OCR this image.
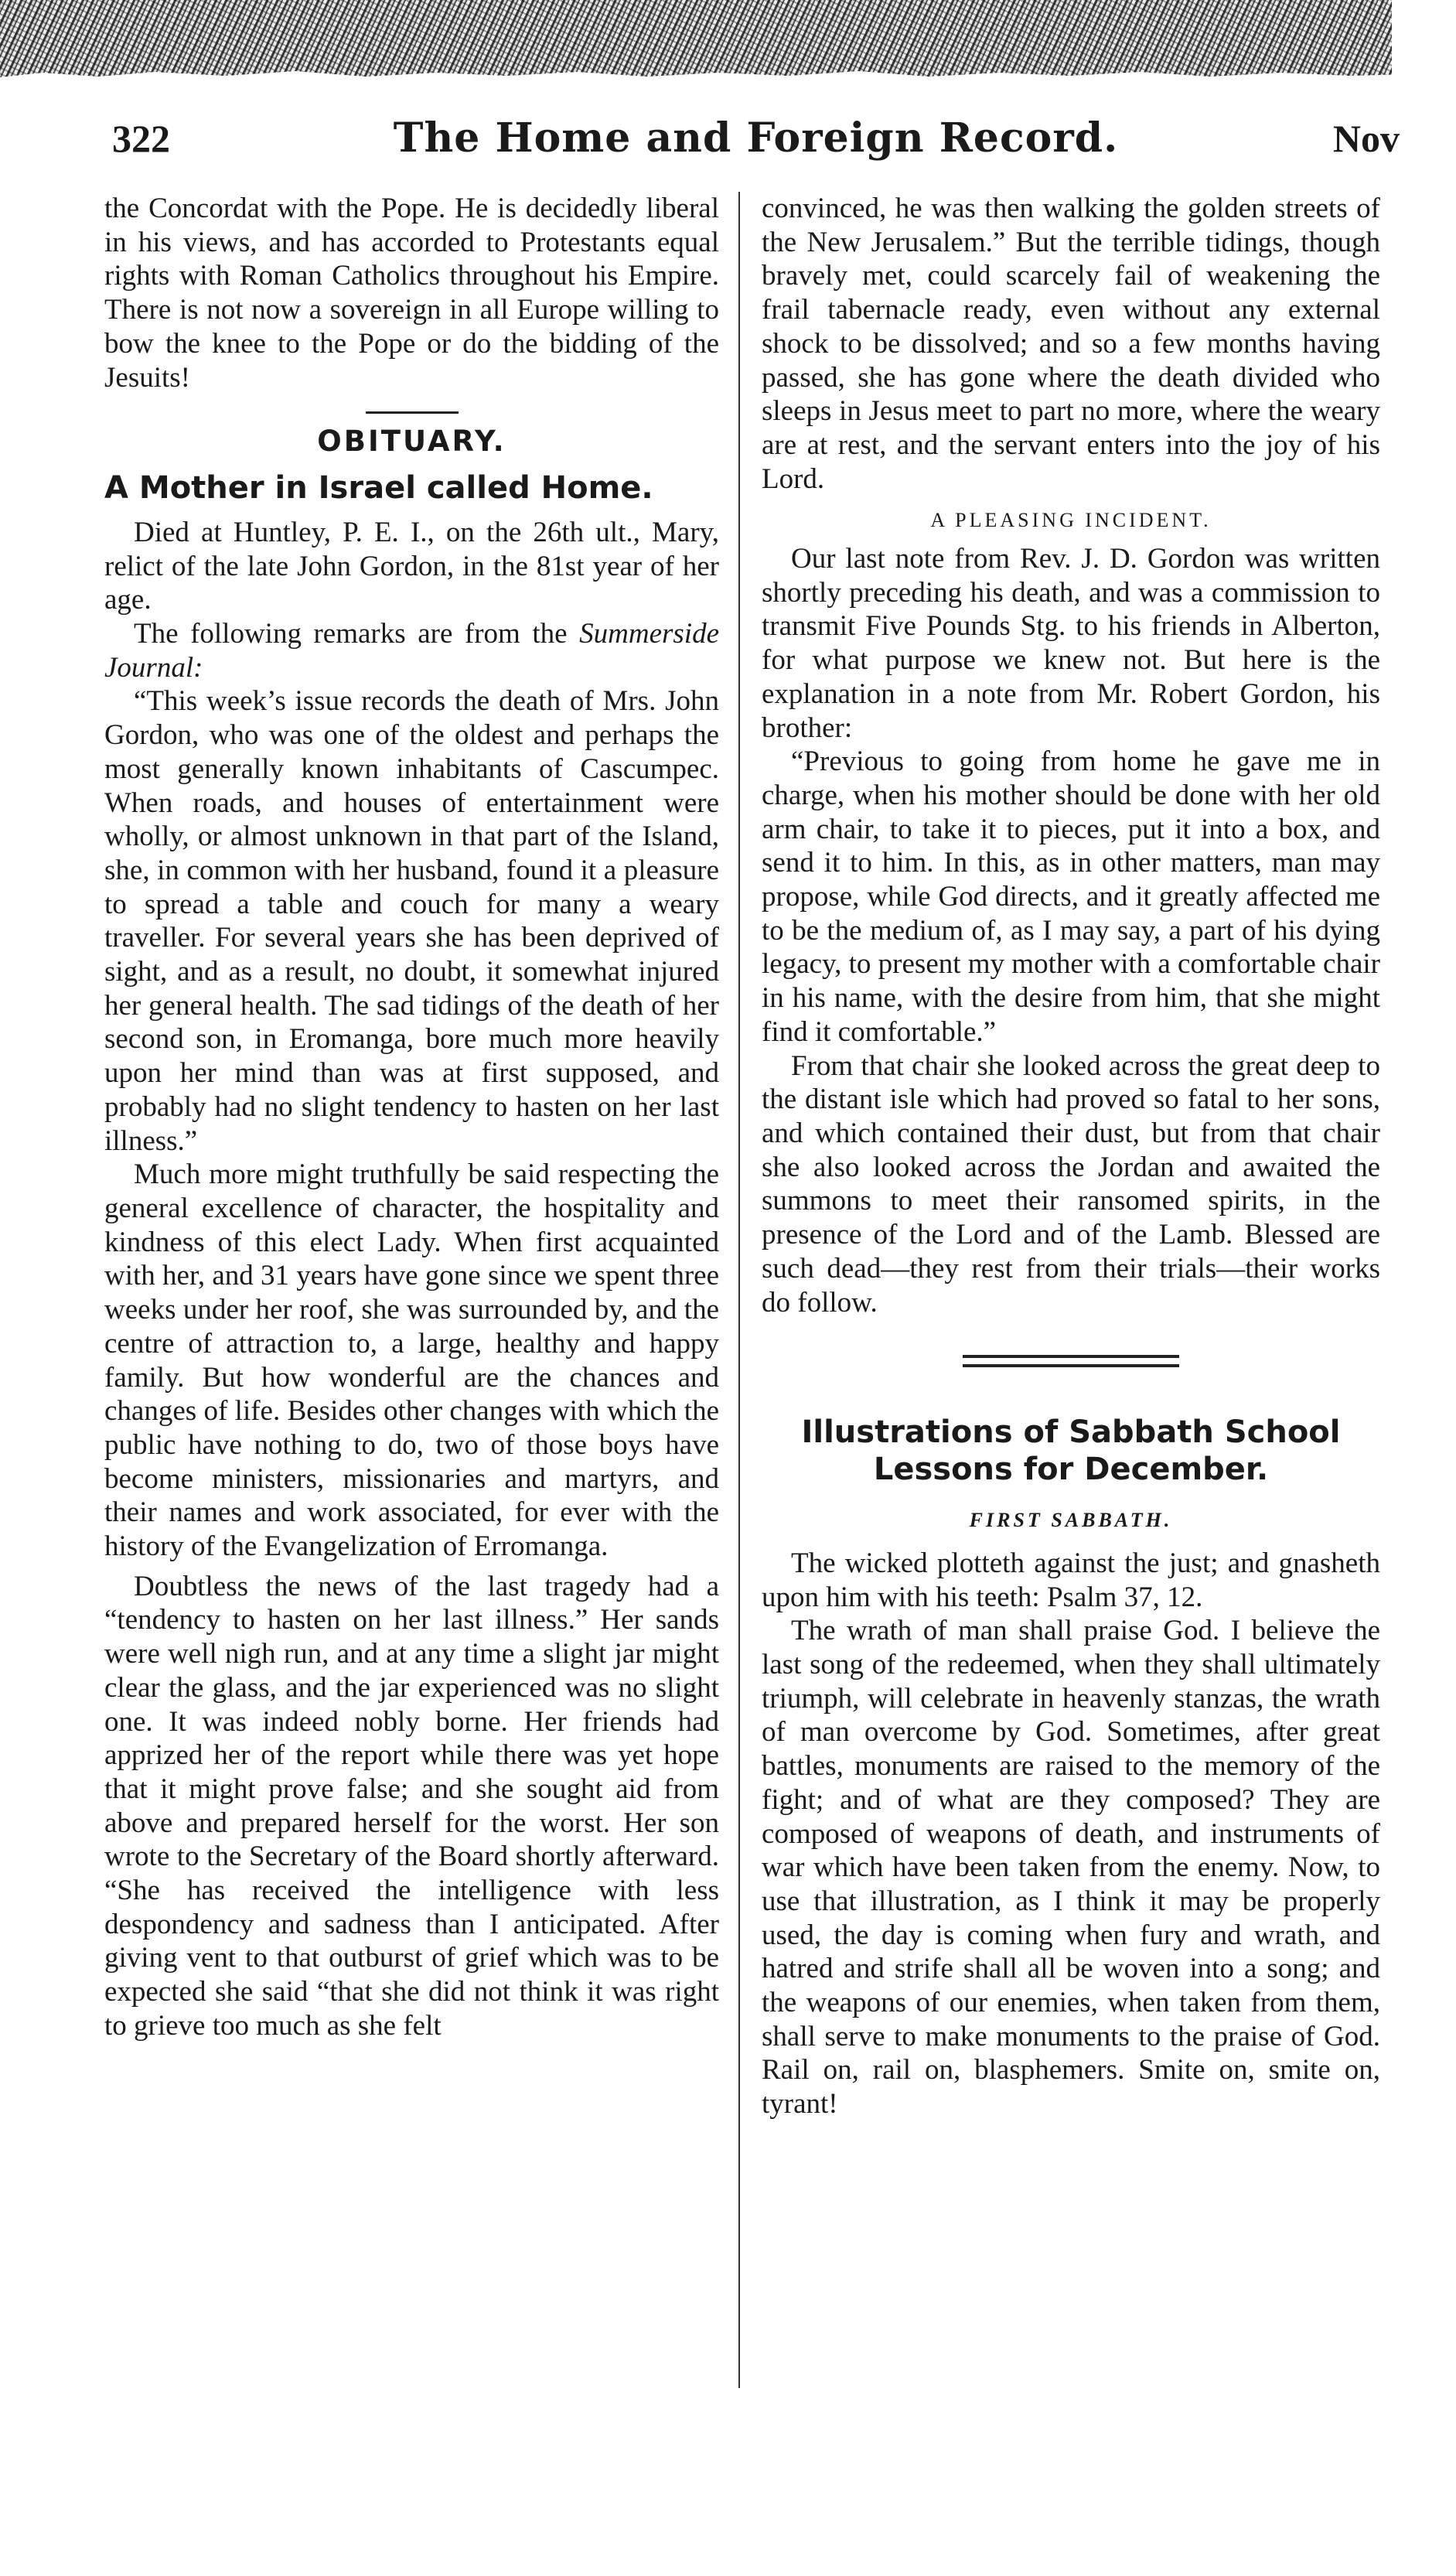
322	The Home and Foreign Record.	Nov

the Concordat with the Pope. He is decidedly liberal in his views, and has accorded to Protestants equal rights with Roman Catholics throughout his Empire. There is not now a sovereign in all Europe willing to bow the knee to the Pope or do the bidding of the Jesuits!

OBITUARY.
A Mother in Israel called Home.

Died at Huntley, P. E. I., on the 26th ult., Mary, relict of the late John Gordon, in the 81st year of her age.

The following remarks are from the Summerside Journal:

“This week’s issue records the death of Mrs. John Gordon, who was one of the oldest and perhaps the most generally known inhabitants of Cascumpec. When roads, and houses of entertainment were wholly, or almost unknown in that part of the Island, she, in common with her husband, found it a pleasure to spread a table and couch for many a weary traveller. For several years she has been deprived of sight, and as a result, no doubt, it somewhat injured her general health. The sad tidings of the death of her second son, in Eromanga, bore much more heavily upon her mind than was at first supposed, and probably had no slight tendency to hasten on her last illness.”

Much more might truthfully be said respecting the general excellence of character, the hospitality and kindness of this elect Lady. When first acquainted with her, and 31 years have gone since we spent three weeks under her roof, she was surrounded by, and the centre of attraction to, a large, healthy and happy family. But how wonderful are the chances and changes of life. Besides other changes with which the public have nothing to do, two of those boys have become ministers, missionaries and martyrs, and their names and work associated, for ever with the history of the Evangelization of Erromanga.

Doubtless the news of the last tragedy had a “tendency to hasten on her last illness.” Her sands were well nigh run, and at any time a slight jar might clear the glass, and the jar experienced was no slight one. It was indeed nobly borne. Her friends had apprized her of the report while there was yet hope that it might prove false; and she sought aid from above and prepared herself for the worst. Her son wrote to the Secretary of the Board shortly afterward. “She has received the intelligence with less despondency and sadness than I anticipated. After giving vent to that outburst of grief which was to be expected she said “that she did not think it was right to grieve too much as she felt

convinced, he was then walking the golden streets of the New Jerusalem.” But the terrible tidings, though bravely met, could scarcely fail of weakening the frail tabernacle ready, even without any external shock to be dissolved; and so a few months having passed, she has gone where the death divided who sleeps in Jesus meet to part no more, where the weary are at rest, and the servant enters into the joy of his Lord.

A PLEASING INCIDENT.

Our last note from Rev. J. D. Gordon was written shortly preceding his death, and was a commission to transmit Five Pounds Stg. to his friends in Alberton, for what purpose we knew not. But here is the explanation in a note from Mr. Robert Gordon, his brother:

“Previous to going from home he gave me in charge, when his mother should be done with her old arm chair, to take it to pieces, put it into a box, and send it to him. In this, as in other matters, man may propose, while God directs, and it greatly affected me to be the medium of, as I may say, a part of his dying legacy, to present my mother with a comfortable chair in his name, with the desire from him, that she might find it comfortable.”

From that chair she looked across the great deep to the distant isle which had proved so fatal to her sons, and which contained their dust, but from that chair she also looked across the Jordan and awaited the summons to meet their ransomed spirits, in the presence of the Lord and of the Lamb. Blessed are such dead—they rest from their trials—their works do follow.

Illustrations of Sabbath School Lessons for December.
FIRST SABBATH.

The wicked plotteth against the just; and gnasheth upon him with his teeth: Psalm 37, 12.

The wrath of man shall praise God. I believe the last song of the redeemed, when they shall ultimately triumph, will celebrate in heavenly stanzas, the wrath of man overcome by God. Sometimes, after great battles, monuments are raised to the memory of the fight; and of what are they composed? They are composed of weapons of death, and instruments of war which have been taken from the enemy. Now, to use that illustration, as I think it may be properly used, the day is coming when fury and wrath, and hatred and strife shall all be woven into a song; and the weapons of our enemies, when taken from them, shall serve to make monuments to the praise of God. Rail on, rail on, blasphemers. Smite on, smite on, tyrant!
